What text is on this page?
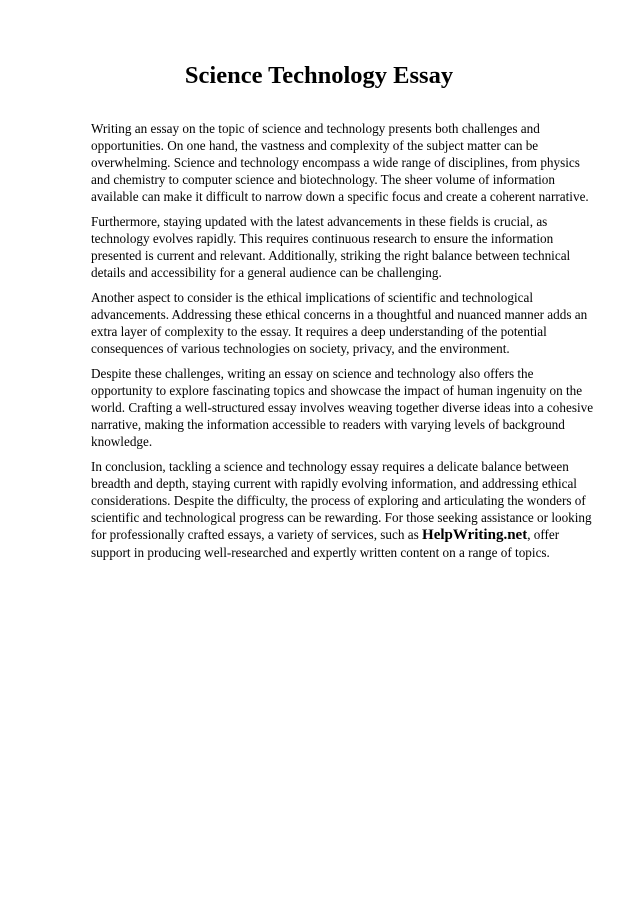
Science Technology Essay

Writing an essay on the topic of science and technology presents both challenges and opportunities. On one hand, the vastness and complexity of the subject matter can be overwhelming. Science and technology encompass a wide range of disciplines, from physics and chemistry to computer science and biotechnology. The sheer volume of information available can make it difficult to narrow down a specific focus and create a coherent narrative.

Furthermore, staying updated with the latest advancements in these fields is crucial, as technology evolves rapidly. This requires continuous research to ensure the information presented is current and relevant. Additionally, striking the right balance between technical details and accessibility for a general audience can be challenging.

Another aspect to consider is the ethical implications of scientific and technological advancements. Addressing these ethical concerns in a thoughtful and nuanced manner adds an extra layer of complexity to the essay. It requires a deep understanding of the potential consequences of various technologies on society, privacy, and the environment.

Despite these challenges, writing an essay on science and technology also offers the opportunity to explore fascinating topics and showcase the impact of human ingenuity on the world. Crafting a well-structured essay involves weaving together diverse ideas into a cohesive narrative, making the information accessible to readers with varying levels of background knowledge.

In conclusion, tackling a science and technology essay requires a delicate balance between breadth and depth, staying current with rapidly evolving information, and addressing ethical considerations. Despite the difficulty, the process of exploring and articulating the wonders of scientific and technological progress can be rewarding. For those seeking assistance or looking for professionally crafted essays, a variety of services, such as HelpWriting.net, offer support in producing well-researched and expertly written content on a range of topics.
